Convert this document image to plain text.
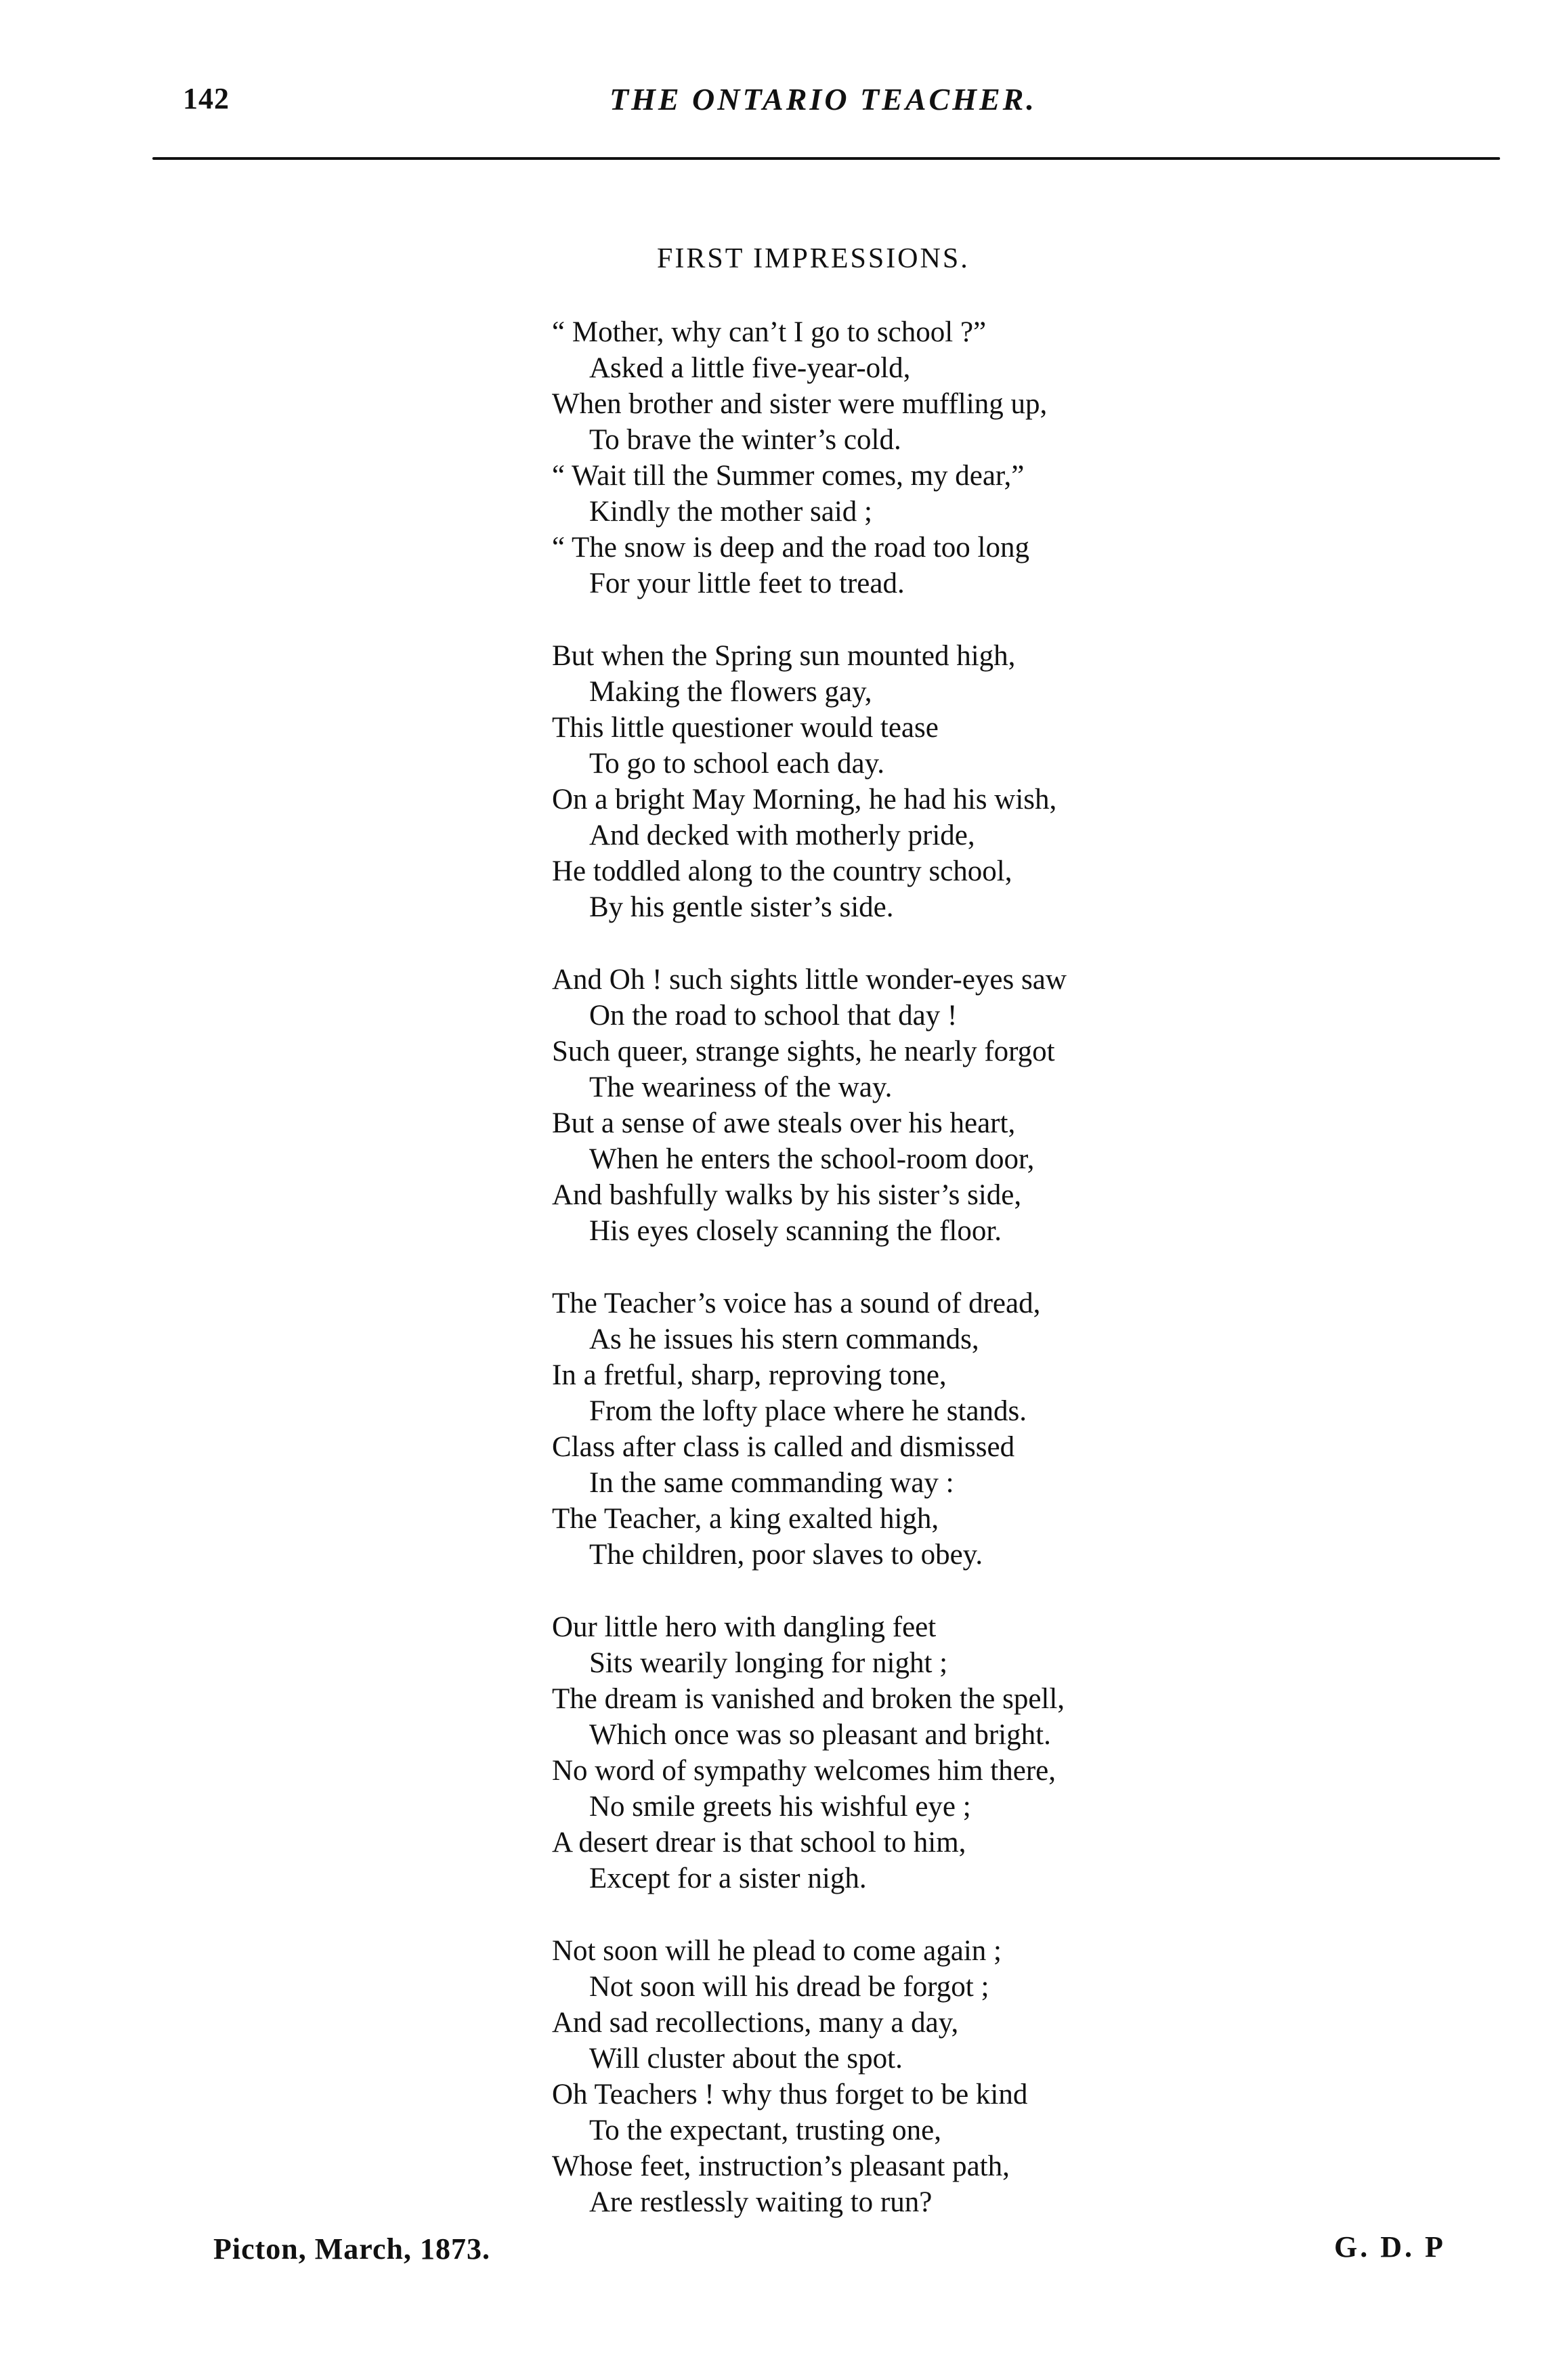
142	THE ONTARIO TEACHER.
FIRST IMPRESSIONS.
“ Mother, why can’t I go to school ?”
Asked a little five-year-old,
When brother and sister were muffling up,
To brave the winter’s cold.
“ Wait till the Summer comes, my dear,”
Kindly the mother said ;
“ The snow is deep and the road too long
For your little feet to tread.
But when the Spring sun mounted high,
Making the flowers gay,
This little questioner would tease
To go to school each day.
On a bright May Morning, he had his wish,
And decked with motherly pride,
He toddled along to the country school,
By his gentle sister’s side.
And Oh ! such sights little wonder-eyes saw
On the road to school that day !
Such queer, strange sights, he nearly forgot
The weariness of the way.
But a sense of awe steals over his heart,
When he enters the school-room door,
And bashfully walks by his sister’s side,
His eyes closely scanning the floor.
The Teacher’s voice has a sound of dread,
As he issues his stern commands,
In a fretful, sharp, reproving tone,
From the lofty place where he stands.
Class after class is called and dismissed
In the same commanding way :
The Teacher, a king exalted high,
The children, poor slaves to obey.
Our little hero with dangling feet
Sits wearily longing for night ;
The dream is vanished and broken the spell,
Which once was so pleasant and bright.
No word of sympathy welcomes him there,
No smile greets his wishful eye ;
A desert drear is that school to him,
Except for a sister nigh.
Not soon will he plead to come again ;
Not soon will his dread be forgot ;
And sad recollections, many a day,
Will cluster about the spot.
Oh Teachers ! why thus forget to be kind
To the expectant, trusting one,
Whose feet, instruction’s pleasant path,
Are restlessly waiting to run?
Picton, March, 1873.	G. D. P
